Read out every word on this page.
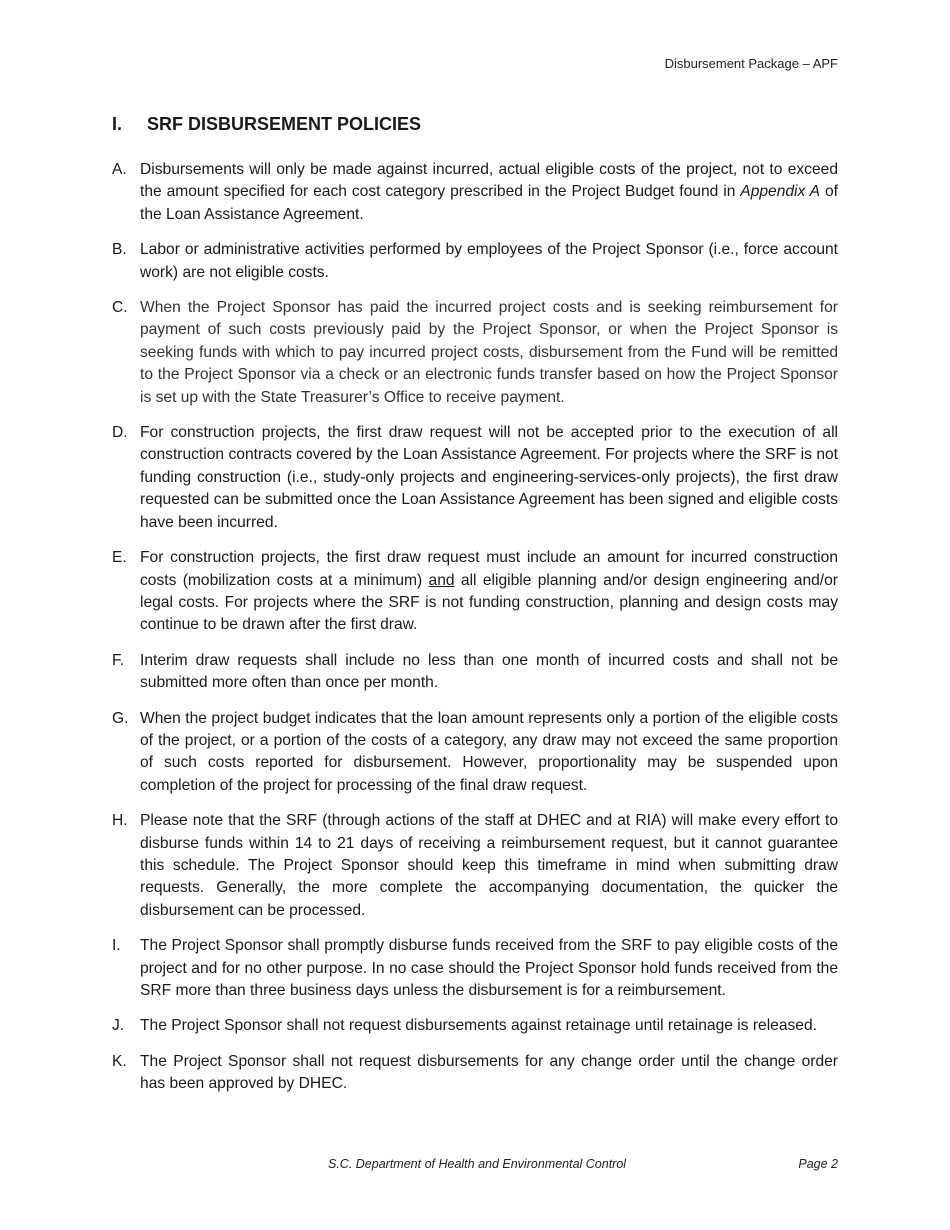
Disbursement Package – APF
I.	SRF DISBURSEMENT POLICIES
A. Disbursements will only be made against incurred, actual eligible costs of the project, not to exceed the amount specified for each cost category prescribed in the Project Budget found in Appendix A of the Loan Assistance Agreement.
B. Labor or administrative activities performed by employees of the Project Sponsor (i.e., force account work) are not eligible costs.
C. When the Project Sponsor has paid the incurred project costs and is seeking reimbursement for payment of such costs previously paid by the Project Sponsor, or when the Project Sponsor is seeking funds with which to pay incurred project costs, disbursement from the Fund will be remitted to the Project Sponsor via a check or an electronic funds transfer based on how the Project Sponsor is set up with the State Treasurer’s Office to receive payment.
D. For construction projects, the first draw request will not be accepted prior to the execution of all construction contracts covered by the Loan Assistance Agreement. For projects where the SRF is not funding construction (i.e., study-only projects and engineering-services-only projects), the first draw requested can be submitted once the Loan Assistance Agreement has been signed and eligible costs have been incurred.
E. For construction projects, the first draw request must include an amount for incurred construction costs (mobilization costs at a minimum) and all eligible planning and/or design engineering and/or legal costs. For projects where the SRF is not funding construction, planning and design costs may continue to be drawn after the first draw.
F.	Interim draw requests shall include no less than one month of incurred costs and shall not be submitted more often than once per month.
G. When the project budget indicates that the loan amount represents only a portion of the eligible costs of the project, or a portion of the costs of a category, any draw may not exceed the same proportion of such costs reported for disbursement. However, proportionality may be suspended upon completion of the project for processing of the final draw request.
H. Please note that the SRF (through actions of the staff at DHEC and at RIA) will make every effort to disburse funds within 14 to 21 days of receiving a reimbursement request, but it cannot guarantee this schedule. The Project Sponsor should keep this timeframe in mind when submitting draw requests. Generally, the more complete the accompanying documentation, the quicker the disbursement can be processed.
I.	The Project Sponsor shall promptly disburse funds received from the SRF to pay eligible costs of the project and for no other purpose. In no case should the Project Sponsor hold funds received from the SRF more than three business days unless the disbursement is for a reimbursement.
J.	The Project Sponsor shall not request disbursements against retainage until retainage is released.
K. The Project Sponsor shall not request disbursements for any change order until the change order has been approved by DHEC.
S.C. Department of Health and Environmental Control	Page 2
